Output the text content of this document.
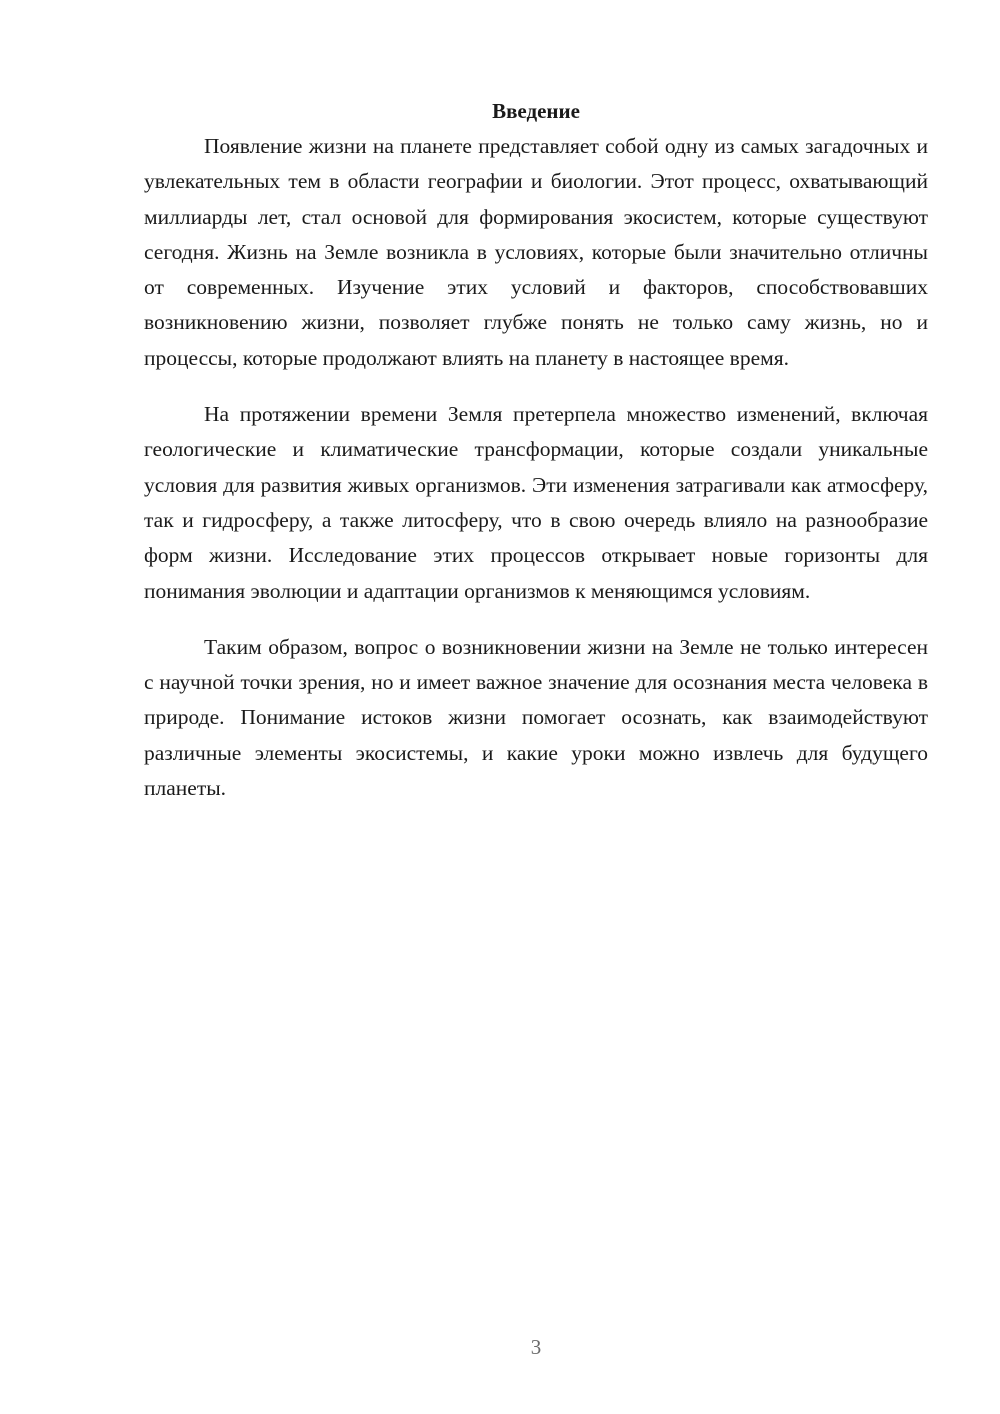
Введение

Появление жизни на планете представляет собой одну из самых загадочных и увлекательных тем в области географии и биологии. Этот процесс, охватывающий миллиарды лет, стал основой для формирования экосистем, которые существуют сегодня. Жизнь на Земле возникла в условиях, которые были значительно отличны от современных. Изучение этих условий и факторов, способствовавших возникновению жизни, позволяет глубже понять не только саму жизнь, но и процессы, которые продолжают влиять на планету в настоящее время.

На протяжении времени Земля претерпела множество изменений, включая геологические и климатические трансформации, которые создали уникальные условия для развития живых организмов. Эти изменения затрагивали как атмосферу, так и гидросферу, а также литосферу, что в свою очередь влияло на разнообразие форм жизни. Исследование этих процессов открывает новые горизонты для понимания эволюции и адаптации организмов к меняющимся условиям.

Таким образом, вопрос о возникновении жизни на Земле не только интересен с научной точки зрения, но и имеет важное значение для осознания места человека в природе. Понимание истоков жизни помогает осознать, как взаимодействуют различные элементы экосистемы, и какие уроки можно извлечь для будущего планеты.

3
